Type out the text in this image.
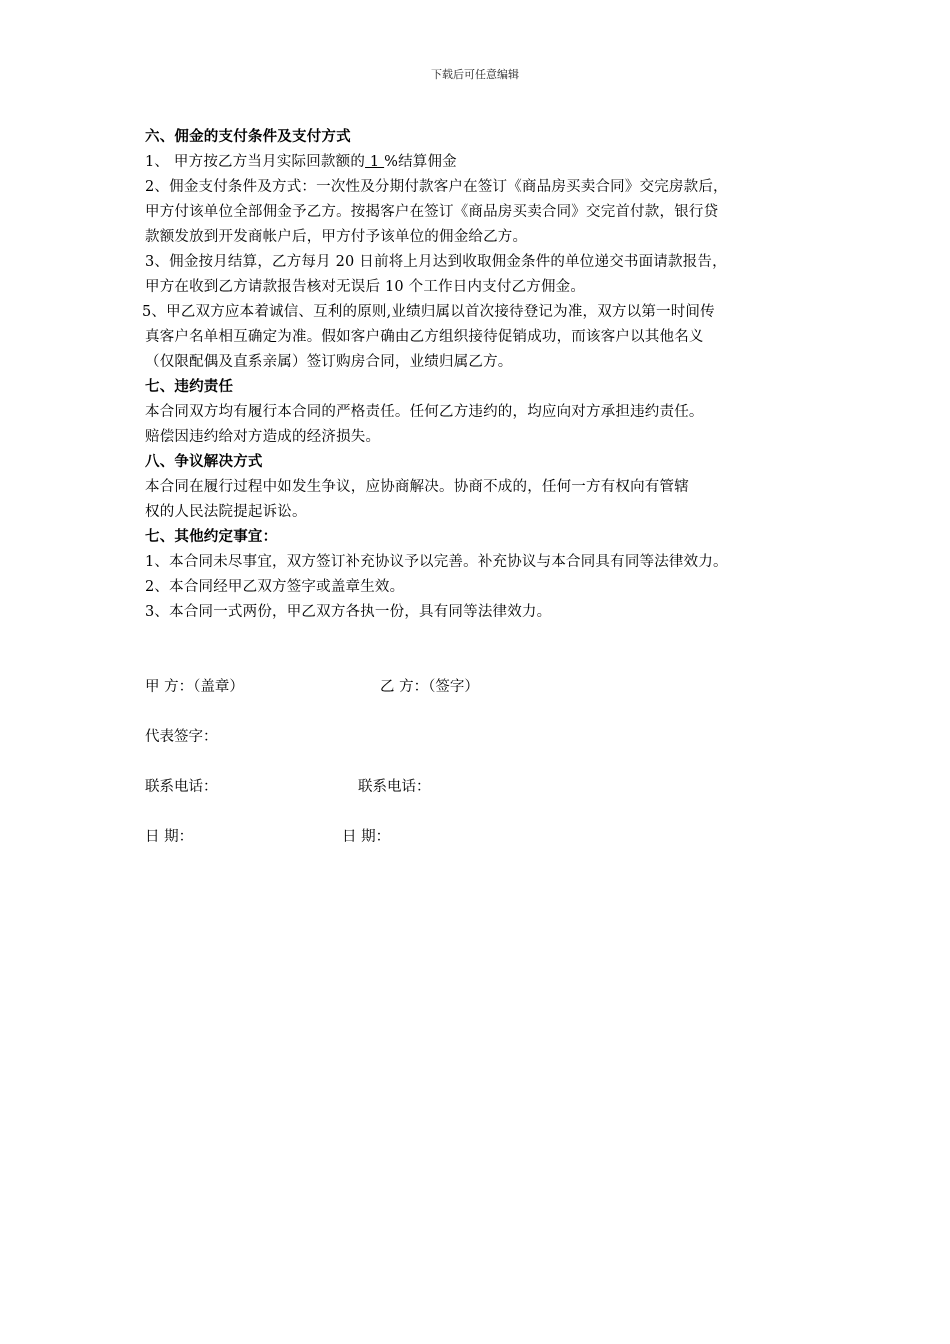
下载后可任意编辑
六、佣金的支付条件及支付方式
1、 甲方按乙方当月实际回款额的 1 %结算佣金
2、佣金支付条件及方式：一次性及分期付款客户在签订《商品房买卖合同》交完房款后，
甲方付该单位全部佣金予乙方。按揭客户在签订《商品房买卖合同》交完首付款，银行贷
款额发放到开发商帐户后，甲方付予该单位的佣金给乙方。
3、佣金按月结算，乙方每月 20 日前将上月达到收取佣金条件的单位递交书面请款报告，
甲方在收到乙方请款报告核对无误后 10 个工作日内支付乙方佣金。
5、甲乙双方应本着诚信、互利的原则,业绩归属以首次接待登记为准，双方以第一时间传
真客户名单相互确定为准。假如客户确由乙方组织接待促销成功，而该客户以其他名义
（仅限配偶及直系亲属）签订购房合同，业绩归属乙方。
七、违约责任
本合同双方均有履行本合同的严格责任。任何乙方违约的，均应向对方承担违约责任。
赔偿因违约给对方造成的经济损失。
八、争议解决方式
本合同在履行过程中如发生争议，应协商解决。协商不成的，任何一方有权向有管辖
权的人民法院提起诉讼。
七、其他约定事宜：
1、本合同未尽事宜，双方签订补充协议予以完善。补充协议与本合同具有同等法律效力。
2、本合同经甲乙双方签字或盖章生效。
3、本合同一式两份，甲乙双方各执一份，具有同等法律效力。
甲 方：（盖章）	乙 方：（签字）
代表签字：
联系电话：	联系电话：
日 期：	日 期：
